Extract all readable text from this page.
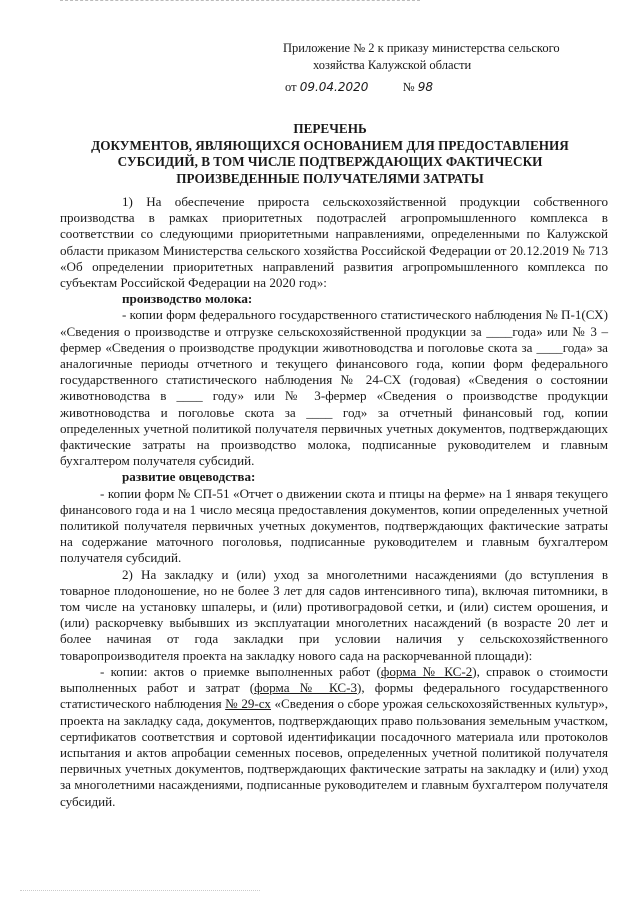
Приложение № 2 к приказу министерства сельского
хозяйства Калужской области
от 09.04.2020	№ 98
ПЕРЕЧЕНЬ
ДОКУМЕНТОВ, ЯВЛЯЮЩИХСЯ ОСНОВАНИЕМ ДЛЯ ПРЕДОСТАВЛЕНИЯ
СУБСИДИЙ, В ТОМ ЧИСЛЕ ПОДТВЕРЖДАЮЩИХ ФАКТИЧЕСКИ
ПРОИЗВЕДЕННЫЕ ПОЛУЧАТЕЛЯМИ ЗАТРАТЫ

1) На обеспечение прироста сельскохозяйственной продукции собственного производства в рамках приоритетных подотраслей агропромышленного комплекса в соответствии со следующими приоритетными направлениями, определенными по Калужской области приказом Министерства сельского хозяйства Российской Федерации от 20.12.2019 № 713 «Об определении приоритетных направлений развития агропромышленного комплекса по субъектам Российской Федерации на 2020 год»:

производство молока:

- копии форм федерального государственного статистического наблюдения № П-1(СХ) «Сведения о производстве и отгрузке сельскохозяйственной продукции за ____года» или № 3 –фермер «Сведения о производстве продукции животноводства и поголовье скота за ____года» за аналогичные периоды отчетного и текущего финансового года, копии форм федерального государственного статистического наблюдения № 24-СХ (годовая) «Сведения о состоянии животноводства в ____ году» или № 3-фермер «Сведения о производстве продукции животноводства и поголовье скота за ____ год» за отчетный финансовый год, копии определенных учетной политикой получателя первичных учетных документов, подтверждающих фактические затраты на производство молока, подписанные руководителем и главным бухгалтером получателя субсидий.

развитие овцеводства:

- копии форм № СП-51 «Отчет о движении скота и птицы на ферме» на 1 января текущего финансового года и на 1 число месяца предоставления документов, копии определенных учетной политикой получателя первичных учетных документов, подтверждающих фактические затраты на содержание маточного поголовья, подписанные руководителем и главным бухгалтером получателя субсидий.

2) На закладку и (или) уход за многолетними насаждениями (до вступления в товарное плодоношение, но не более 3 лет для садов интенсивного типа), включая питомники, в том числе на установку шпалеры, и (или) противоградовой сетки, и (или) систем орошения, и (или) раскорчевку выбывших из эксплуатации многолетних насаждений (в возрасте 20 лет и более начиная от года закладки при условии наличия у сельскохозяйственного товаропроизводителя проекта на закладку нового сада на раскорчеванной площади):

- копии: актов о приемке выполненных работ (форма № КС-2), справок о стоимости выполненных работ и затрат (форма № КС-3), формы федерального государственного статистического наблюдения № 29-сх «Сведения о сборе урожая сельскохозяйственных культур», проекта на закладку сада, документов, подтверждающих право пользования земельным участком, сертификатов соответствия и сортовой идентификации посадочного материала или протоколов испытания и актов апробации семенных посевов, определенных учетной политикой получателя первичных учетных документов, подтверждающих фактические затраты на закладку и (или) уход за многолетними насаждениями, подписанные руководителем и главным бухгалтером получателя субсидий.
